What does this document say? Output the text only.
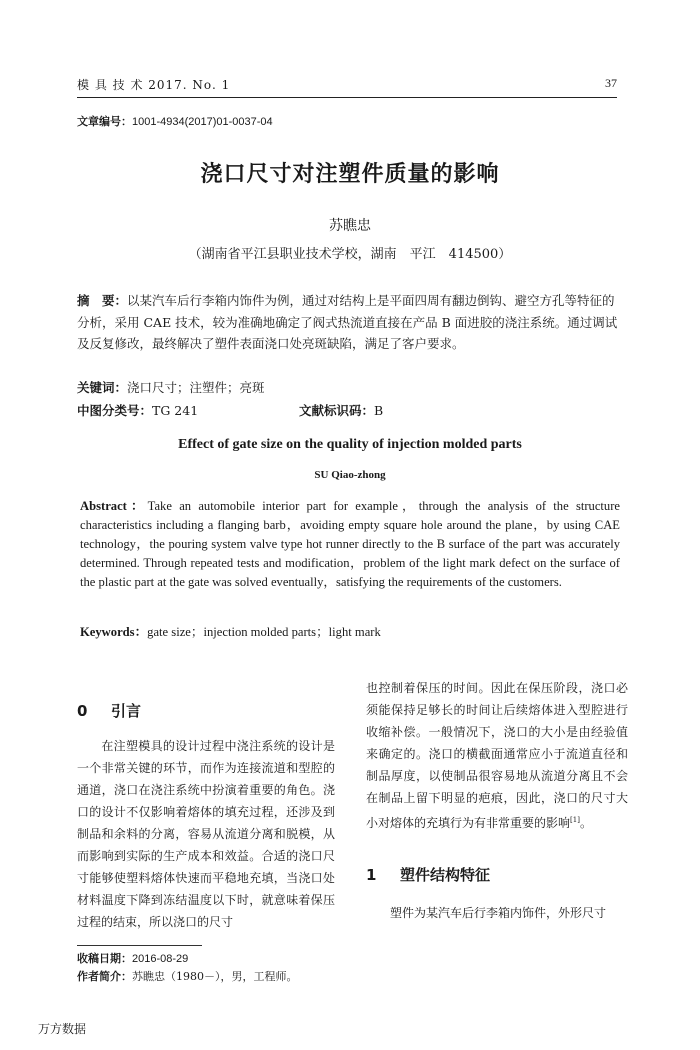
模 具 技 术 2017. No. 1	37
文章编号：1001-4934(2017)01-0037-04
浇口尺寸对注塑件质量的影响
苏瞧忠
（湖南省平江县职业技术学校，湖南　平江　414500）
摘　要：以某汽车后行李箱内饰件为例，通过对结构上是平面四周有翻边倒钩、避空方孔等特征的分析，采用 CAE 技术，较为准确地确定了阀式热流道直接在产品 B 面进胶的浇注系统。通过调试及反复修改，最终解决了塑件表面浇口处亮斑缺陷，满足了客户要求。
关键词：浇口尺寸；注塑件；亮斑
中图分类号：TG 241	文献标识码：B
Effect of gate size on the quality of injection molded parts
SU Qiao-zhong
Abstract：Take an automobile interior part for example，through the analysis of the structure characteristics including a flanging barb，avoiding empty square hole around the plane，by using CAE technology，the pouring system valve type hot runner directly to the B surface of the part was accurately determined. Through repeated tests and modification，problem of the light mark defect on the surface of the plastic part at the gate was solved eventually，satisfying the requirements of the customers.
Keywords：gate size；injection molded parts；light mark
0 引言
在注塑模具的设计过程中浇注系统的设计是一个非常关键的环节，而作为连接流道和型腔的通道，浇口在浇注系统中扮演着重要的角色。浇口的设计不仅影响着熔体的填充过程，还涉及到制品和余料的分离，容易从流道分离和脱模，从而影响到实际的生产成本和效益。合适的浇口尺寸能够使塑料熔体快速而平稳地充填，当浇口处材料温度下降到冻结温度以下时，就意味着保压过程的结束，所以浇口的尺寸
也控制着保压的时间。因此在保压阶段，浇口必须能保持足够长的时间让后续熔体进入型腔进行收缩补偿。一般情况下，浇口的大小是由经验值来确定的。浇口的横截面通常应小于流道直径和制品厚度，以使制品很容易地从流道分离且不会在制品上留下明显的疤痕，因此，浇口的尺寸大小对熔体的充填行为有非常重要的影响[1]。
1 塑件结构特征
塑件为某汽车后行李箱内饰件，外形尺寸
收稿日期：2016-08-29
作者简介：苏瞧忠（1980－），男，工程师。
万方数据
